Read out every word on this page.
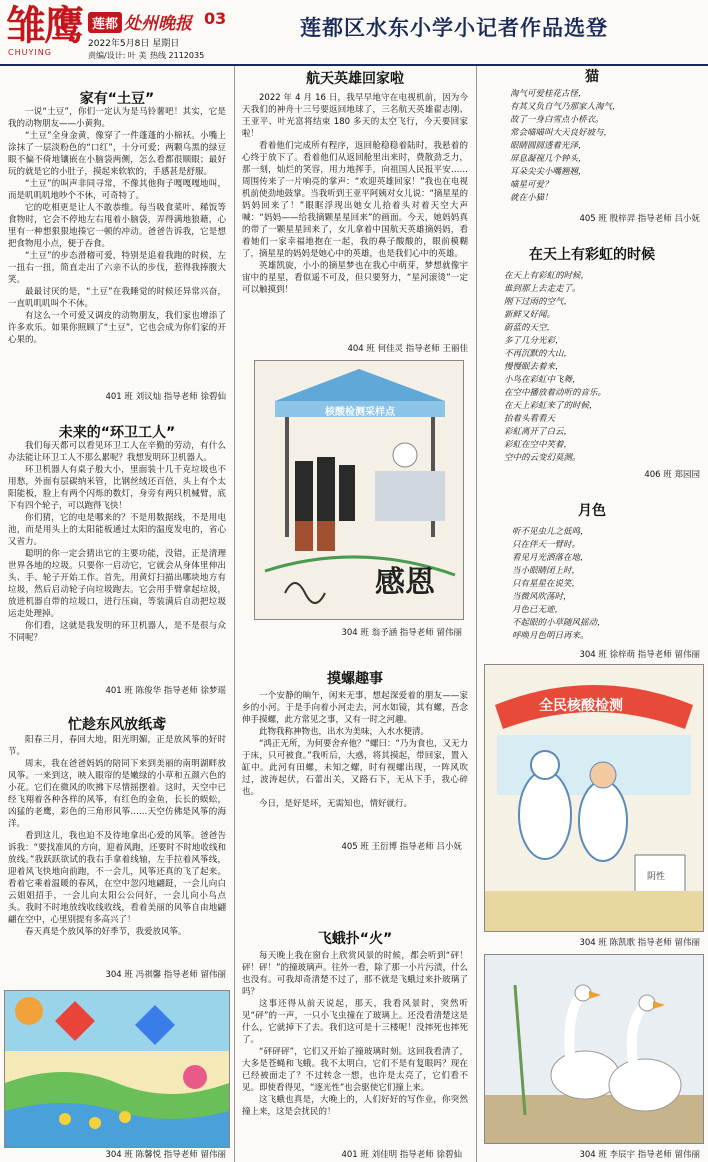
雏鹰
CHUYING
莲都 处州晚报 03
2022年5月8日 星期日
责编/设计: 叶 美 热线 2112035
莲都区水东小学小记者作品选登
家有“土豆”

一说“土豆”，你们一定认为是马铃薯吧！其实，它是我的动物朋友——小黄狗。

“土豆”全身金黄，像穿了一件蓬蓬的小棉袄。小嘴上涂抹了一层淡粉色的“口红”，十分可爱；两颗乌黑的绿豆眼不偏不倚地镶嵌在小脑袋两侧，怎么看都很顺眼；最好玩的就是它的小肚子，摸起来软软的，手感甚是舒服。

“土豆”的叫声非同寻常，不像其他狗子嘎嘎嘎地叫，而是叽叽叽地吵个不休，可奇特了。

它的吃相更是让人不敢恭维。每当吸食菜叶、稀饭等食物时，它会不停地左右甩着小脑袋，弄得满地狼藉，心里有一种想狠狠地揍它一顿的冲动。爸爸告诉我，它是想把食物甩小点，便于吞食。

“土豆”的步态滑稽可爱，特别是追着我跑的时候，左一扭右一扭，简直走出了六亲不认的步伐，惹得我捧腹大笑。

最最讨厌的是，“土豆”在我睡觉的时候还异常兴奋，一直叽叽叽叫个不休。

有这么一个可爱又调皮的动物朋友，我们家也增添了许多欢乐。如果你照顾了“土豆”，它也会成为你们家的开心果的。

401 班 刘议灿 指导老师 徐碧仙
未来的“环卫工人”

我们每天都可以看见环卫工人在辛勤的劳动，有什么办法能让环卫工人不那么累呢？我想发明环卫机器人。

环卫机器人有桌子般大小，里面装十几千克垃圾也不用愁，外面有层碳纳米管，比钢丝绒还百倍，头上有个太阳能板，脸上有两个闪烁的数灯，身旁有两只机械臂，底下有四个轮子，可以跑得飞快！

你们猜，它的电是哪来的？不是用数据线，不是用电池，而是用头上的太阳能板通过太阳的温度发电的，省心又省力。

聪明的你一定会猜出它的主要功能，没错，正是清理世界各地的垃圾。只要你一启动它，它就会从身体里伸出头、手、轮子开始工作。首先，用黄灯扫描出哪块地方有垃圾，然后启动轮子向垃圾跑去。它会用手臂拿起垃圾，放进机器自带的垃圾口，进行压扁，等装满后自动把垃圾运走处理掉。

你们看，这就是我发明的环卫机器人，是不是很与众不同呢？

401 班 陈俊华 指导老师 徐梦瑶
忙趁东风放纸鸢

阳春三月，春回大地，阳光明媚，正是放风筝的好时节。

周末，我在爸爸妈妈的陪同下来到美丽的南明湖畔放风筝。一来到这，映入眼帘的是嫩绿的小草和五颜六色的小花。它们在微风的吹拂下尽情摇摆着。这时，天空中已经飞翔着各种各样的风筝，有红色的金鱼，长长的蜈蚣，凶猛的老鹰，彩色的三角形风筝……天空仿佛是风筝的海洋。

看到这儿，我也迫不及待地拿出心爱的风筝。爸爸告诉我：“要找准风的方向，迎着风跑，还要时不时地收线和放线。”我跃跃欲试的我右手拿着线轴，左手拉着风筝线，迎着风飞快地向前跑，不一会儿，风筝还真的飞了起来。看着它乘着温暖的春风，在空中忽闪地翩跹，一会儿向白云姐姐招手，一会儿向太阳公公问好，一会儿向小鸟点头。我时不时地放线收线收线，看着美丽的风筝自由地翩翩在空中，心里别提有多高兴了！

春天真是个放风筝的好季节，我爱放风筝。

304 班 冯祺馨 指导老师 留伟丽
304 班 陈馨悦 指导老师 留伟丽
航天英雄回家啦

2022 年 4 月 16 日，我早早地守在电视机前，因为今天我们的神舟十三号要返回地球了，三名航天英雄翟志刚、王亚平、叶光富将结束 180 多天的太空飞行，今天要回家啦！

看着他们完成所有程序，返回舱稳稳着陆时，我悬着的心终于放下了。看着他们从返回舱里出来时，费散劲乏力，那一刻，灿烂的笑容，用力地挥手，向祖国人民报平安……周围传来了一片响亮的掌声：“欢迎英雄回家！”我也在电视机前使劲地鼓掌。当我听到王亚平阿姨对女儿说：“摘星星的妈妈回来了！”眼眶浮现出她女儿拾着头对着天空大声喊：“妈妈——给我摘颗星星回来”的画面。今天，她妈妈真的带了一颗星星回来了，女儿拿着中国航天英雄摘妈妈，看着她们一家幸福地抱在一起，我的鼻子酸酸的，眼前模糊了，摘星星的妈妈是她心中的英雄，也是我们心中的英雄。

英雄凯旋，小小的摘星梦也在我心中萌芽，梦想就像宇宙中的星星，看似遥不可及，但只要努力，“星河滚烫”一定可以触摸到！

404 班 何佳灵 指导老师 王丽佳
核酸检测采样点
感恩
304 班 翁予涵 指导老师 留伟丽
摸螺趣事

一个安静的晌午，闲来无事，想起深爱着的朋友——家乡的小河。于是手向着小河走去，河水如镜，其有螺，吾念伸手摸螺，此方常见之事，又有一时之河趣。

此物我称神物也，出水为美味，入水水便清。

“鸿正无所，为何要舍弃他？”螺曰：“乃为食也，又无力于床，只可被食。”我听后，大惑，将其摸起，带回家，置入缸中。此河有田螺，未知之螺，时有视螺出现，一阵风吹过，波涛起伏，石蕾出关，又路石下，无从下手，我心碎也。

今日，是好是坏，无需知也，情好就行。

405 班 王衍博 指导老师 吕小妩
飞蛾扑“火”

每天晚上我在窗台上欣赏风景的时候，都会听到“砰！砰！砰！”的撞玻璃声。往外一看，除了那一小片污渍，什么也没有。可我却奇清楚不过了，那不就是飞蛾过来扑玻璃了吗？

这事还得从前天说起，那天，我看风景时，突然听见“砰”的一声，一只小飞虫撞在了玻璃上。还没看清楚这是什么，它就掉下了去。我们这可是十三楼呢！没摔死也摔死了。

“砰砰砰”，它们又开始了撞玻璃时刻。这回我看清了，大多是苍蝇和飞蛾。我不太明白，它们不是有复眼吗？现在已经被面走了？不过转念一想，也许是太亮了，它们看不见。即使看得见，“逐光性”也会驱使它们撞上来。

这飞蛾也真是，大晚上的，人们好好的写作业，你突然撞上来，这是会扰民的！

401 班 刘佳明 指导老师 徐碧仙
猫
淘气可爱桂花古怪，
有其又负自气乃那家人淘气，
故了一身白雪点小桥衣。
常会喵喵叫大天良好坡与，
眼睛圆圆透着光泽，
屏息凝视几个钟头，
耳朵尖尖小嘴翘翘，
喵星可爱？
就在小猫！
405 班 殷梓羿 指导老师 吕小妩
在天上有彩虹的时候
在天上有彩虹的时候，
谁到那上去走走了。
刚下过雨的空气，
新鲜又好闻。
蔚蓝的天空，
多了几分光彩，
不再沉默的大山，
慢慢眠去着来，
小鸟在彩虹中飞舞，
在空中播放着动听的音乐。
在天上彩虹来了的时候，
抬着头看看天
彩虹离开了白云，
彩虹在空中笑着，
空中的云变幻莫测。
406 班 郑园园
月色
听不见虫儿之低鸣，
只在伴天一臂时。
看见月光洒落在地，
当小眼睛闭上时，
只有星星在说笑，
当微风吹荡时，
月色已无迹，
不起眼的小草随风摇动，
呼唤月色明日再来。
304 班 徐梓萌 指导老师 留伟丽
全民核酸检测
阴性
304 班 陈凯歌 指导老师 留伟丽
304 班 李辰宇 指导老师 留伟丽
